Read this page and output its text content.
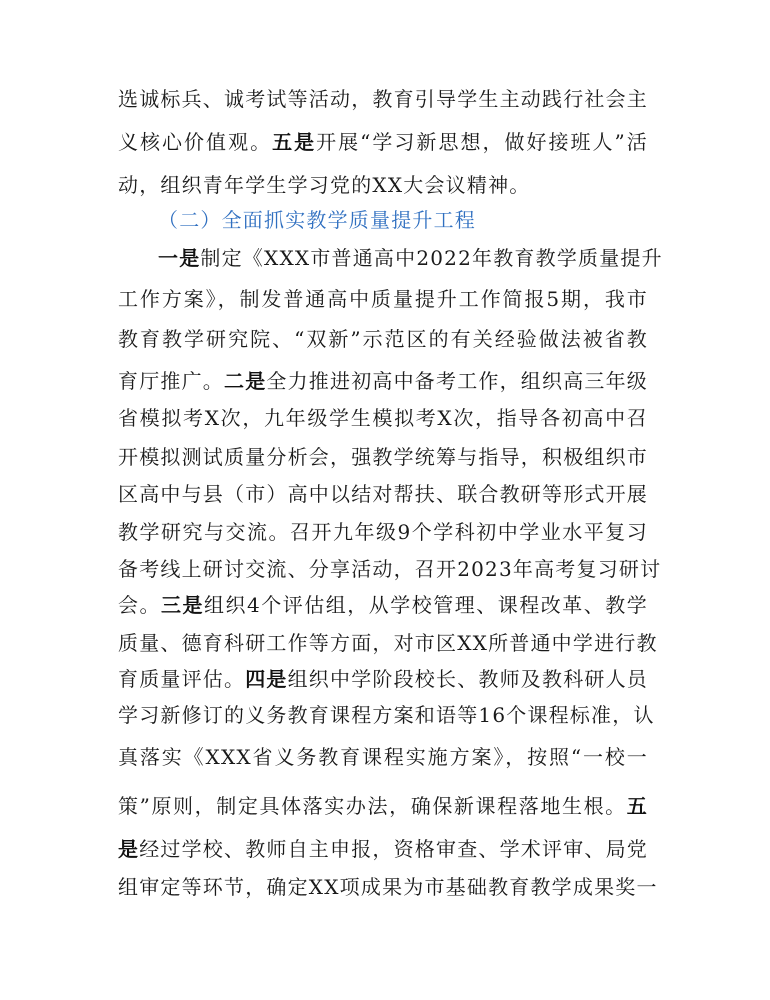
选诚标兵、诚考试等活动，教育引导学生主动践行社会主
义核心价值观。五是开展“学习新思想，做好接班人”活
动，组织青年学生学习党的XX大会议精神。
（二）全面抓实教学质量提升工程
一是制定《XXX市普通高中2022年教育教学质量提升
工作方案》，制发普通高中质量提升工作简报5期，我市
教育教学研究院、“双新”示范区的有关经验做法被省教
育厅推广。二是全力推进初高中备考工作，组织高三年级
省模拟考X次，九年级学生模拟考X次，指导各初高中召
开模拟测试质量分析会，强教学统筹与指导，积极组织市
区高中与县（市）高中以结对帮扶、联合教研等形式开展
教学研究与交流。召开九年级9个学科初中学业水平复习
备考线上研讨交流、分享活动，召开2023年高考复习研讨
会。三是组织4个评估组，从学校管理、课程改革、教学
质量、德育科研工作等方面，对市区XX所普通中学进行教
育质量评估。四是组织中学阶段校长、教师及教科研人员
学习新修订的义务教育课程方案和语等16个课程标准，认
真落实《XXX省义务教育课程实施方案》，按照“一校一
策”原则，制定具体落实办法，确保新课程落地生根。五
是经过学校、教师自主申报，资格审查、学术评审、局党
组审定等环节，确定XX项成果为市基础教育教学成果奖一
